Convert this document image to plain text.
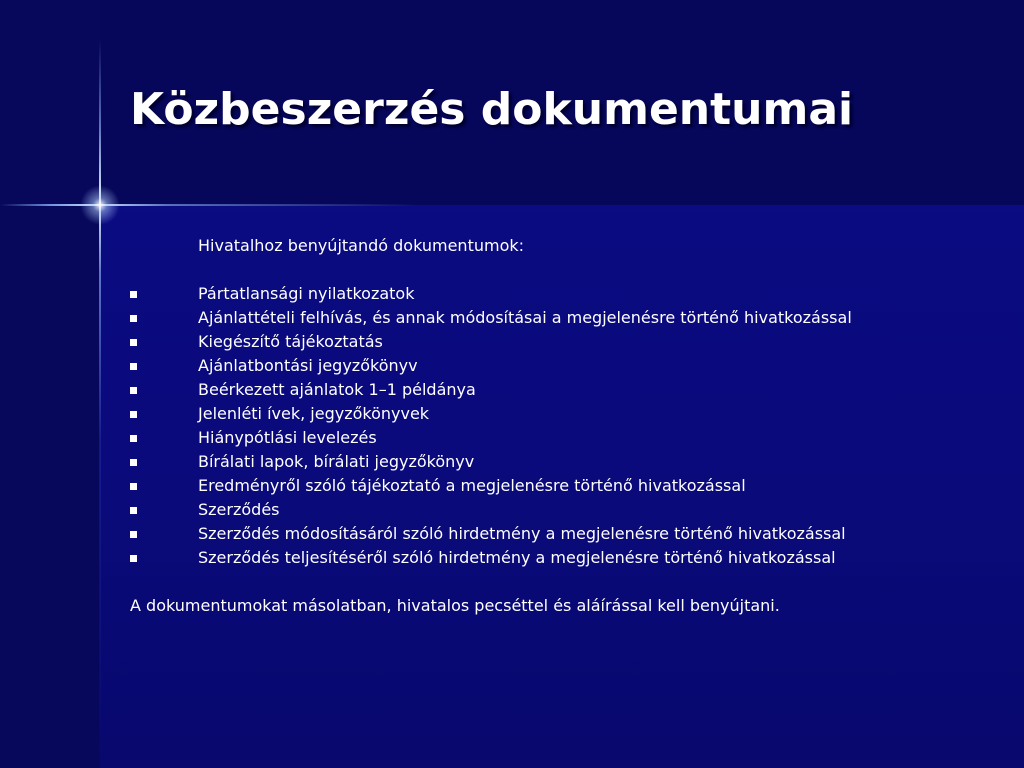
Közbeszerzés dokumentumai
Hivatalhoz benyújtandó dokumentumok:
Pártatlansági nyilatkozatok
Ajánlattételi felhívás, és annak módosításai a megjelenésre történő hivatkozással
Kiegészítő tájékoztatás
Ajánlatbontási jegyzőkönyv
Beérkezett ajánlatok 1–1 példánya
Jelenléti ívek, jegyzőkönyvek
Hiánypótlási levelezés
Bírálati lapok, bírálati jegyzőkönyv
Eredményről szóló tájékoztató a megjelenésre történő hivatkozással
Szerződés
Szerződés módosításáról szóló hirdetmény a megjelenésre történő hivatkozással
Szerződés teljesítéséről szóló hirdetmény a megjelenésre történő hivatkozással
A dokumentumokat másolatban, hivatalos pecséttel és aláírással kell benyújtani.
